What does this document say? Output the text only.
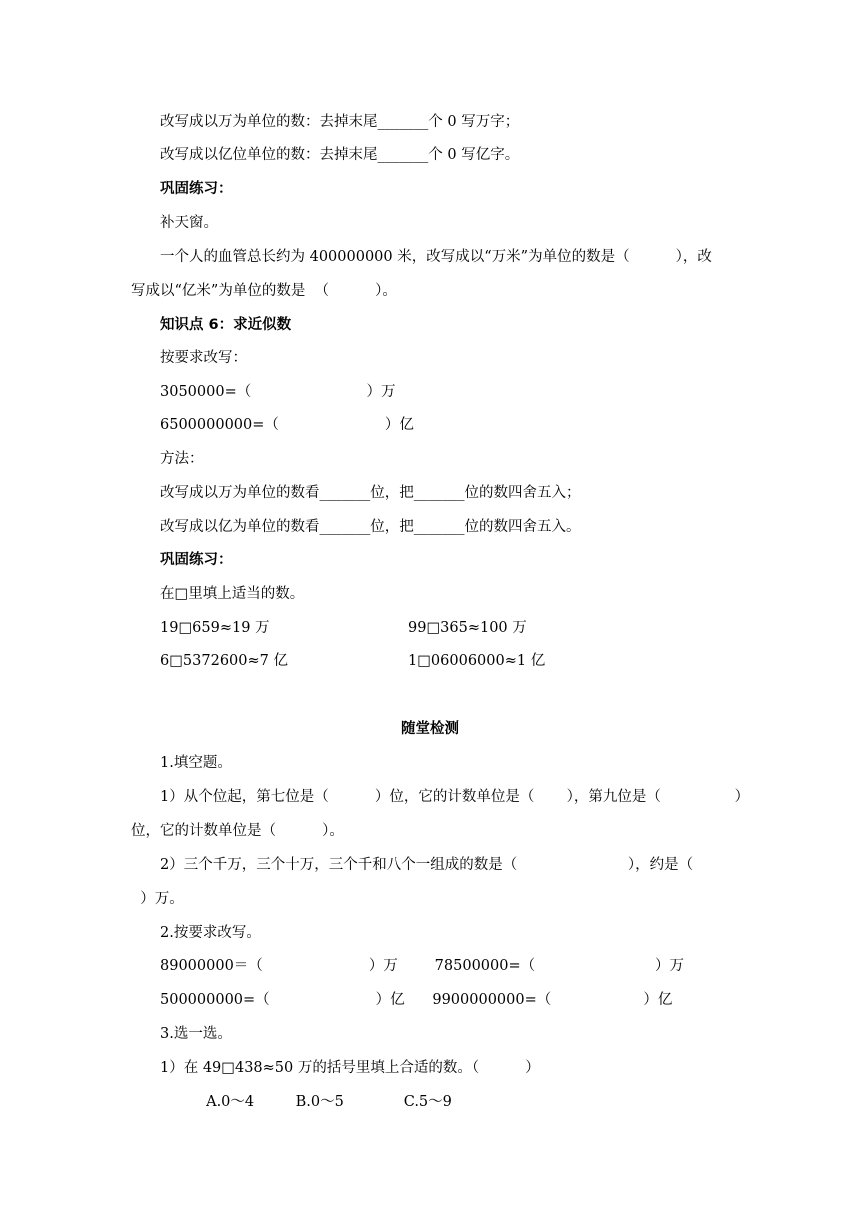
改写成以万为单位的数：去掉末尾_______个 0 写万字；
改写成以亿位单位的数：去掉末尾_______个 0 写亿字。
巩固练习：
补天窗。
一个人的血管总长约为 400000000 米，改写成以“万米”为单位的数是（          ），改
写成以“亿米”为单位的数是  （          ）。
知识点 6：求近似数
按要求改写：
3050000=（                         ）万
6500000000=（                       ）亿
方法：
改写成以万为单位的数看_______位，把_______位的数四舍五入；
改写成以亿为单位的数看_______位，把_______位的数四舍五入。
巩固练习：
在□里填上适当的数。
19□659≈19 万	99□365≈100 万
6□5372600≈7 亿	1□06006000≈1 亿
随堂检测
1.填空题。
1）从个位起，第七位是（          ）位，它的计数单位是（       ），第九位是（                ）
位，它的计数单位是（          ）。
2）三个千万，三个十万，三个千和八个一组成的数是（                        ），约是（
）万。
2.按要求改写。
89000000＝（                       ）万        78500000=（                          ）万
500000000=（                       ）亿      9900000000=（                    ）亿
3.选一选。
1）在 49□438≈50 万的括号里填上合适的数。（          ）
A.0～4         B.0～5             C.5～9
